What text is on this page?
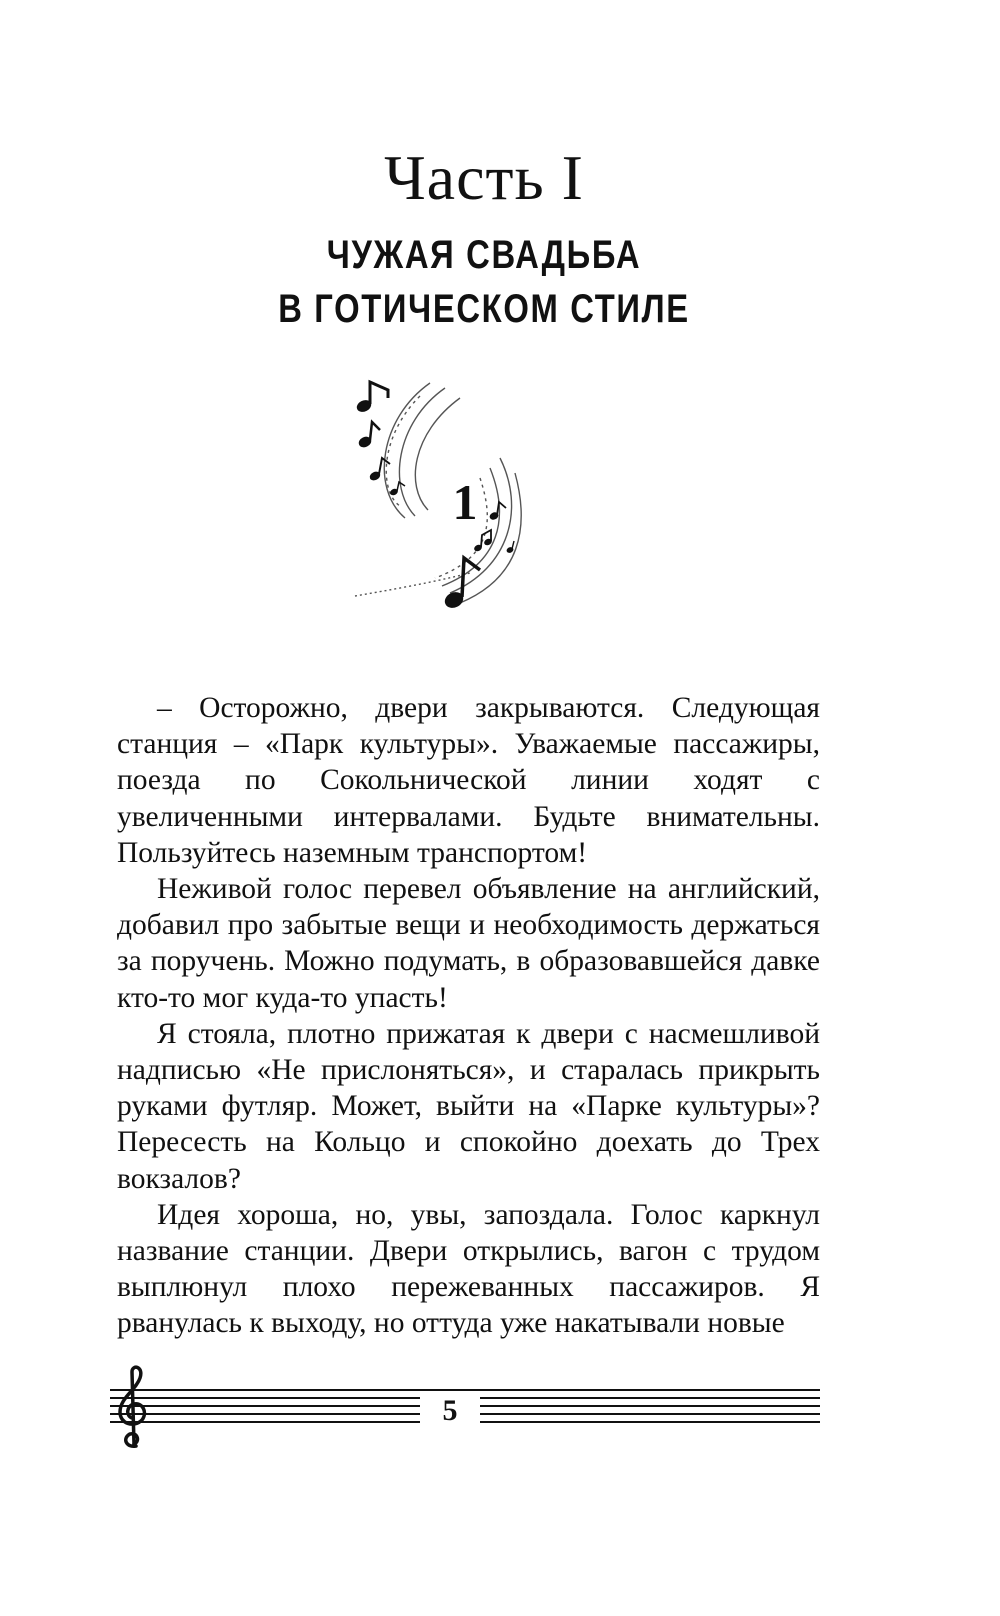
Часть I
ЧУЖАЯ СВАДЬБА
В ГОТИЧЕСКОМ СТИЛЕ
1

– Осторожно, двери закрываются. Следующая станция – «Парк культуры». Уважаемые пассажиры, поезда по Сокольнической линии ходят с увеличенными интервалами. Будьте внимательны. Пользуйтесь наземным транспортом!

Неживой голос перевел объявление на английский, добавил про забытые вещи и необходимость держаться за поручень. Можно подумать, в образовавшейся давке кто-то мог куда-то упасть!

Я стояла, плотно прижатая к двери с насмешливой надписью «Не прислоняться», и старалась прикрыть руками футляр. Может, выйти на «Парке культуры»? Пересесть на Кольцо и спокойно доехать до Трех вокзалов?

Идея хороша, но, увы, запоздала. Голос каркнул название станции. Двери открылись, вагон с трудом выплюнул плохо пережеванных пассажиров. Я рванулась к выходу, но оттуда уже накатывали новые

5
